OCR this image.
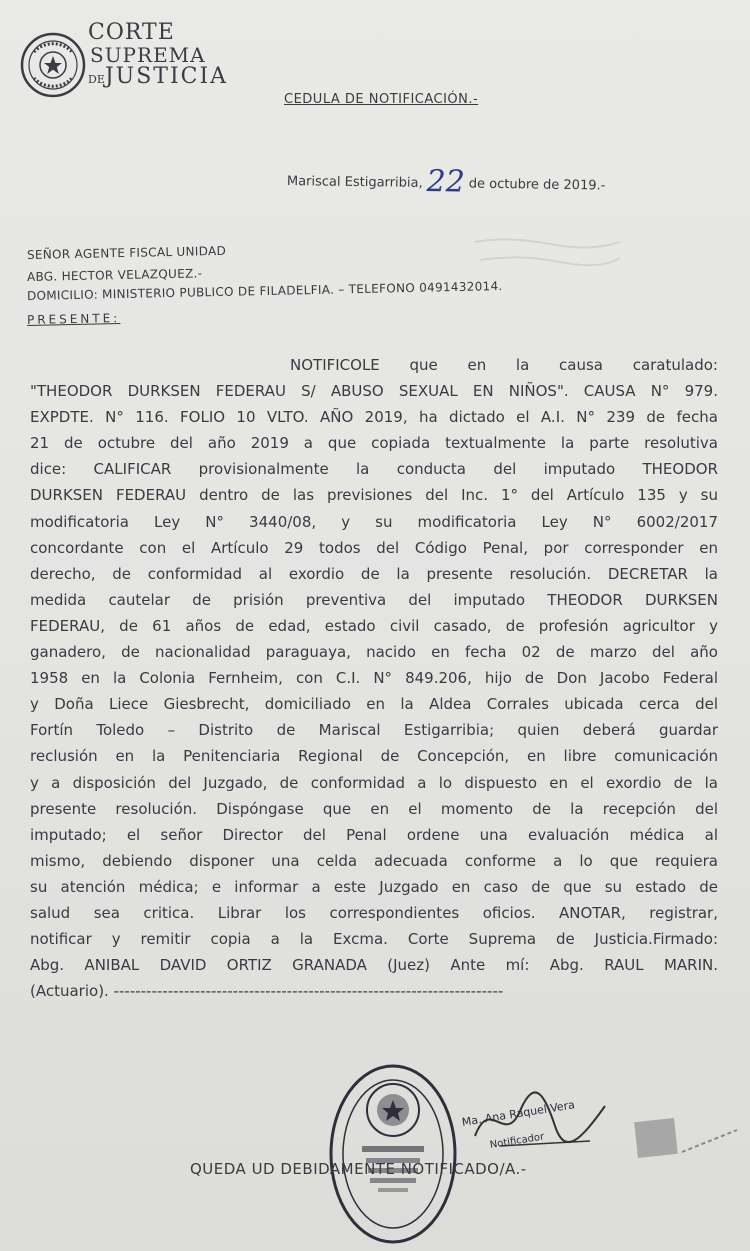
CORTE
SUPREMA
DEJUSTICIA
CEDULA DE NOTIFICACIÓN.-
Mariscal Estigarribia, 22 de octubre de 2019.-
SEÑOR AGENTE FISCAL UNIDAD
ABG. HECTOR VELAZQUEZ.-
DOMICILIO: MINISTERIO PUBLICO DE FILADELFIA. – TELEFONO 0491432014.
PRESENTE:
NOTIFICOLE que en la causa caratulado:
"THEODOR DURKSEN FEDERAU S/ ABUSO SEXUAL EN NIÑOS". CAUSA N° 979.
EXPDTE. N° 116. FOLIO 10 VLTO. AÑO 2019, ha dictado el A.I. N° 239 de fecha
21 de octubre del año 2019 a que copiada textualmente la parte resolutiva
dice: CALIFICAR provisionalmente la conducta del imputado THEODOR
DURKSEN FEDERAU dentro de las previsiones del Inc. 1° del Artículo 135 y su
modificatoria Ley N° 3440/08, y su modificatoria Ley N° 6002/2017
concordante con el Artículo 29 todos del Código Penal, por corresponder en
derecho, de conformidad al exordio de la presente resolución. DECRETAR la
medida cautelar de prisión preventiva del imputado THEODOR DURKSEN
FEDERAU, de 61 años de edad, estado civil casado, de profesión agricultor y
ganadero, de nacionalidad paraguaya, nacido en fecha 02 de marzo del año
1958 en la Colonia Fernheim, con C.I. N° 849.206, hijo de Don Jacobo Federal
y Doña Liece Giesbrecht, domiciliado en la Aldea Corrales ubicada cerca del
Fortín Toledo – Distrito de Mariscal Estigarribia; quien deberá guardar
reclusión en la Penitenciaria Regional de Concepción, en libre comunicación
y a disposición del Juzgado, de conformidad a lo dispuesto en el exordio de la
presente resolución. Dispóngase que en el momento de la recepción del
imputado; el señor Director del Penal ordene una evaluación médica al
mismo, debiendo disponer una celda adecuada conforme a lo que requiera
su atención médica; e informar a este Juzgado en caso de que su estado de
salud sea critica. Librar los correspondientes oficios. ANOTAR, registrar,
notificar y remitir copia a la Excma. Corte Suprema de Justicia.Firmado:
Abg. ANIBAL DAVID ORTIZ GRANADA (Juez) Ante mí: Abg. RAUL MARIN.
(Actuario). ------------------------------------------------------------------------
Ma. Ana Raquel Vera
Notificador
QUEDA UD DEBIDAMENTE NOTIFICADO/A.-
